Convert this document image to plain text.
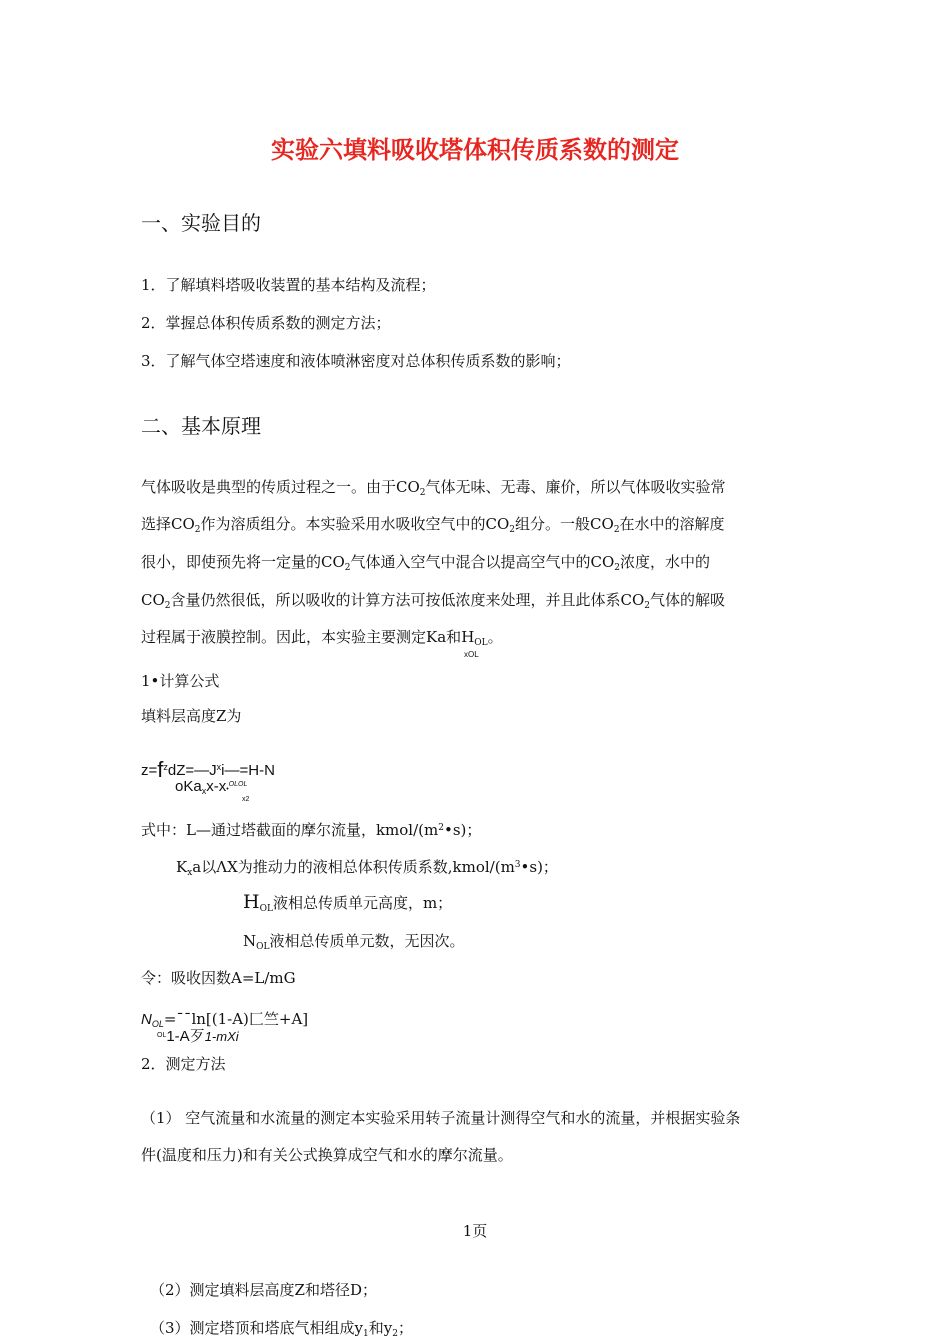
实验六填料吸收塔体积传质系数的测定
一、实验目的
1．了解填料塔吸收装置的基本结构及流程；
2．掌握总体积传质系数的测定方法；
3．了解气体空塔速度和液体喷淋密度对总体积传质系数的影响；
二、基本原理
气体吸收是典型的传质过程之一。由于$CO_2$气体无味、无毒、廉价，所以气体吸收实验常
选择$CO_2$作为溶质组分。本实验采用水吸收空气中的$CO_2$组分。一般$CO_2$在水中的溶解度
很小，即使预先将一定量的$CO_2$气体通入空气中混合以提高空气中的$CO_2$浓度，水中的
$CO_2$含量仍然很低，所以吸收的计算方法可按低浓度来处理，并且此体系$CO_2$气体的解吸
过程属于液膜控制。因此，本实验主要测定Ka和$H_{OL}$。
xOL
1•计算公式
填料层高度Z为
$z=f^zdZ=—J^xi—=H-N$
oKa$_x$x-x•$^{OLOL}$
x2
式中：L—通过塔截面的摩尔流量，kmol/$(m^2•s)$；
$K_xa$以ΛX为推动力的液相总体积传质系数$,kmol/(m^3•s)$；
$H_{OL}$液相总传质单元高度，m；
$N_{OL}$液相总传质单元数，无因次。
令：吸收因数A=L/mG
$N_{OL}=¯¯\ln[(1-A)$匚竺+A]
$^{OL}$1-A歹1-mXi
2．测定方法
（1） 空气流量和水流量的测定本实验采用转子流量计测得空气和水的流量，并根据实验条
件(温度和压力)和有关公式换算成空气和水的摩尔流量。
1页
（2）测定填料层高度Z和塔径D；
（3）测定塔顶和塔底气相组成$y_1$和$y_2$；
